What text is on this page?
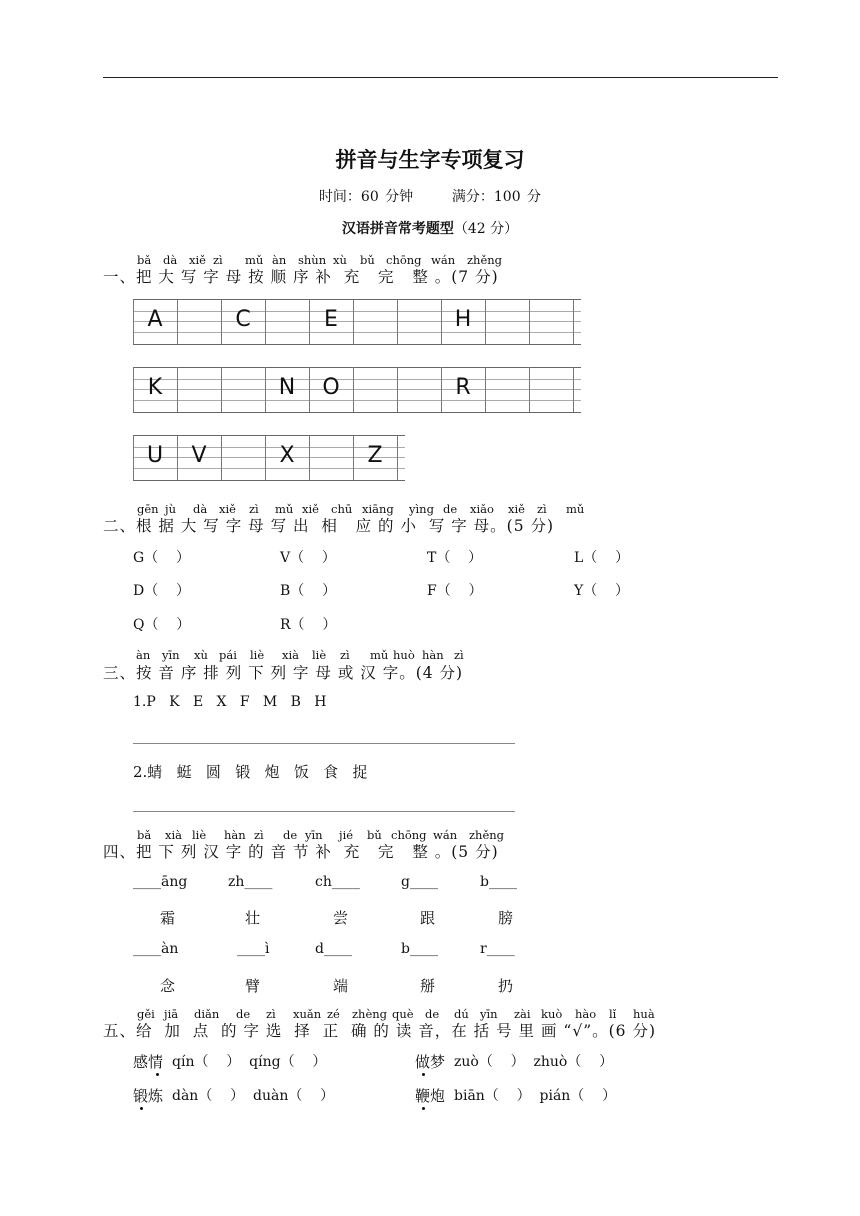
拼音与生字专项复习
时间：60 分钟      满分：100 分
汉语拼音常考题型（42 分）
bǎ dà xiě zì mǔ àn shùn xù bǔ chōng wán zhěng
一、把 大 写 字 母 按 顺 序 补  充   完   整 。(7 分)
A	C	E	H
K	N	O	R
U	V	X	Z
gēn jù dà xiě zì mǔ xiě chū xiāng yìng de xiǎo xiě zì mǔ
二、根 据 大 写 字 母 写 出  相   应 的 小  写 字 母。(5 分)
G（    ）	V（    ）	T（    ）	L（    ）
D（    ）	B（    ）	F（    ）	Y（    ）
Q（    ）	R（    ）
àn yīn xù pái liè xià liè zì mǔ huò hàn zì
三、按 音 序 排 列 下 列 字 母 或 汉 字。(4 分)
1.P   K   E   X   F   M   B   H
2.蜻   蜓   圆   锻   炮   饭   食   捉
bǎ xià liè hàn zì de yīn jié bǔ chōng wán zhěng
四、把 下 列 汉 字 的 音 节 补  充   完   整 。(5 分)
____āng	zh____	ch____	g____	b____
霜	壮	尝	跟	膀
____àn	____ì	d____	b____	r____
念	臂	端	掰	扔
gěi jiā diǎn de zì xuǎn zé zhèng què de dú yīn zài kuò hào lǐ huà
五、给  加  点  的 字 选  择  正  确 的 读 音，在 括 号 里 画 “√”。(6 分)
感情 qín（    ）  qíng（    ）	做梦 zuò（    ）  zhuò（    ）
锻炼 dàn（    ）  duàn（    ）	鞭炮 biān（    ）  pián（    ）
